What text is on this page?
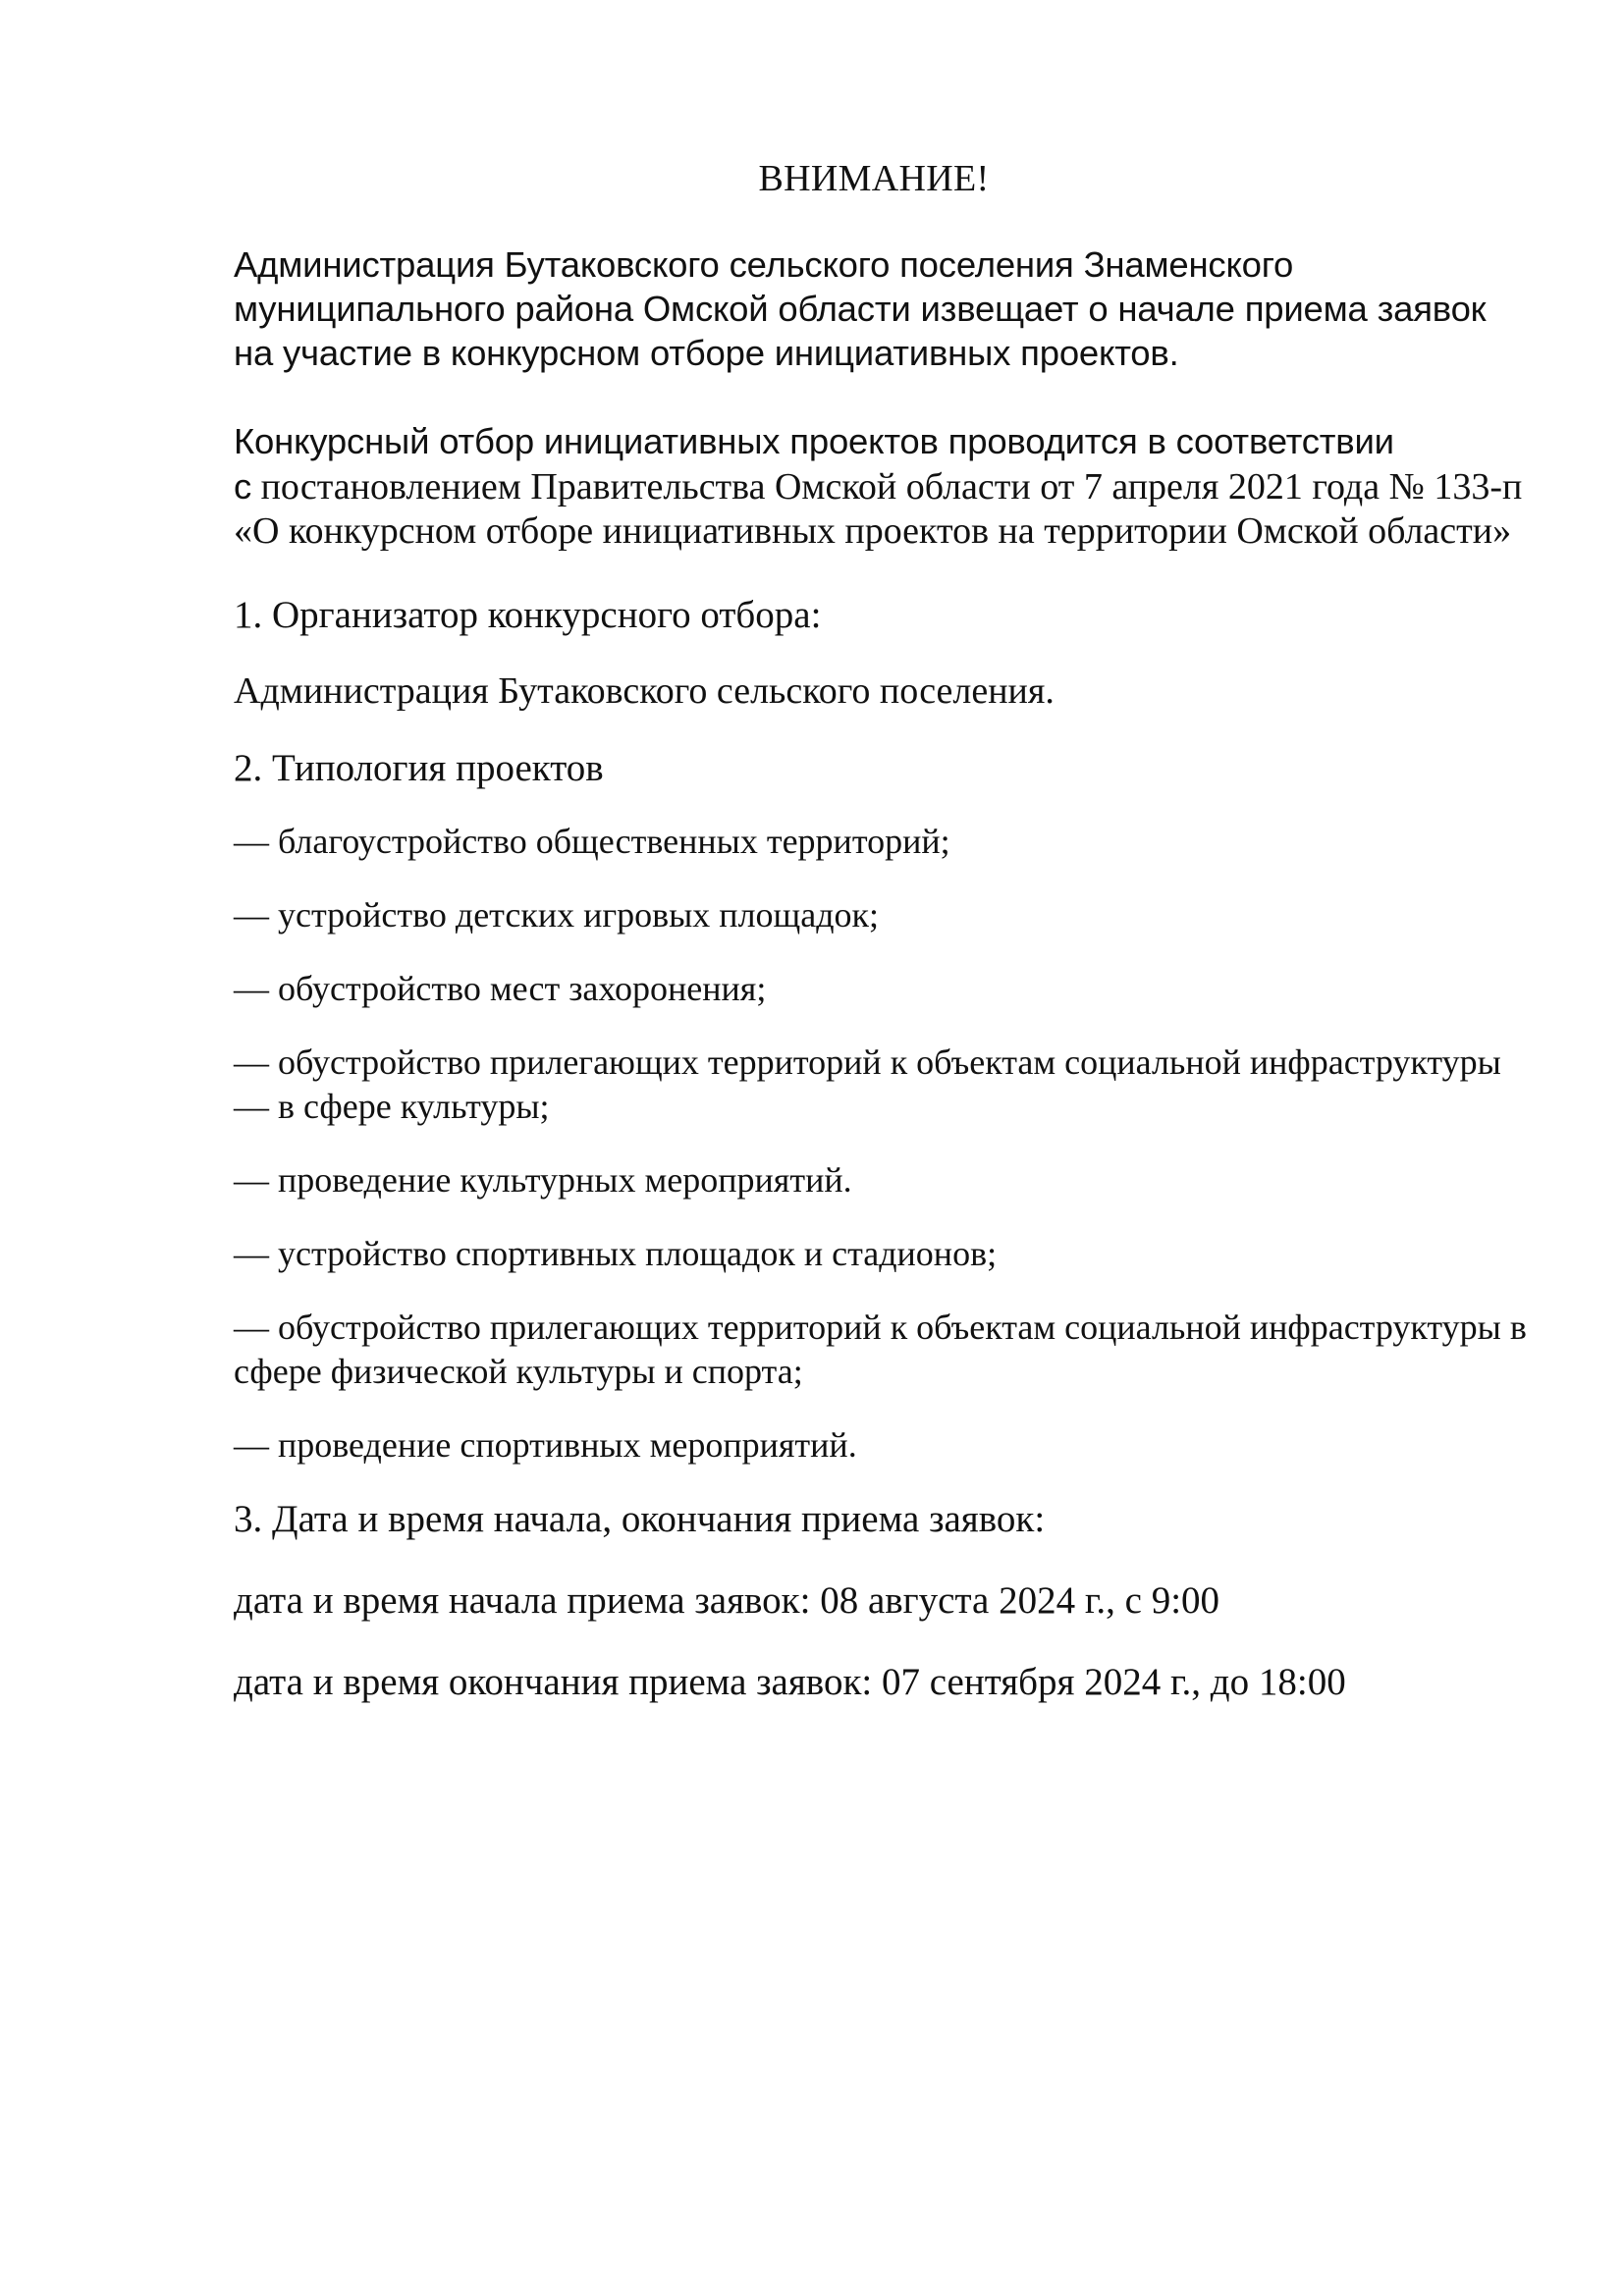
ВНИМАНИЕ!

Администрация Бутаковского сельского поселения Знаменского муниципального района Омской области извещает о начале приема заявок на участие в конкурсном отборе инициативных проектов.

Конкурсный отбор инициативных проектов проводится в соответствии
с постановлением Правительства Омской области от 7 апреля 2021 года № 133-п «О конкурсном отборе инициативных проектов на территории Омской области»

1. Организатор конкурсного отбора:

Администрация Бутаковского сельского поселения.

2. Типология проектов

— благоустройство общественных территорий;
— устройство детских игровых площадок;
— обустройство мест захоронения;
— обустройство прилегающих территорий к объектам социальной инфраструктуры — в сфере культуры;
— проведение культурных мероприятий.
— устройство спортивных площадок и стадионов;
— обустройство прилегающих территорий к объектам социальной инфраструктуры в сфере физической культуры и спорта;
— проведение спортивных мероприятий.

3. Дата и время начала, окончания приема заявок:

дата и время начала приема заявок: 08 августа 2024 г., с 9:00

дата и время окончания приема заявок: 07 сентября 2024 г., до 18:00
